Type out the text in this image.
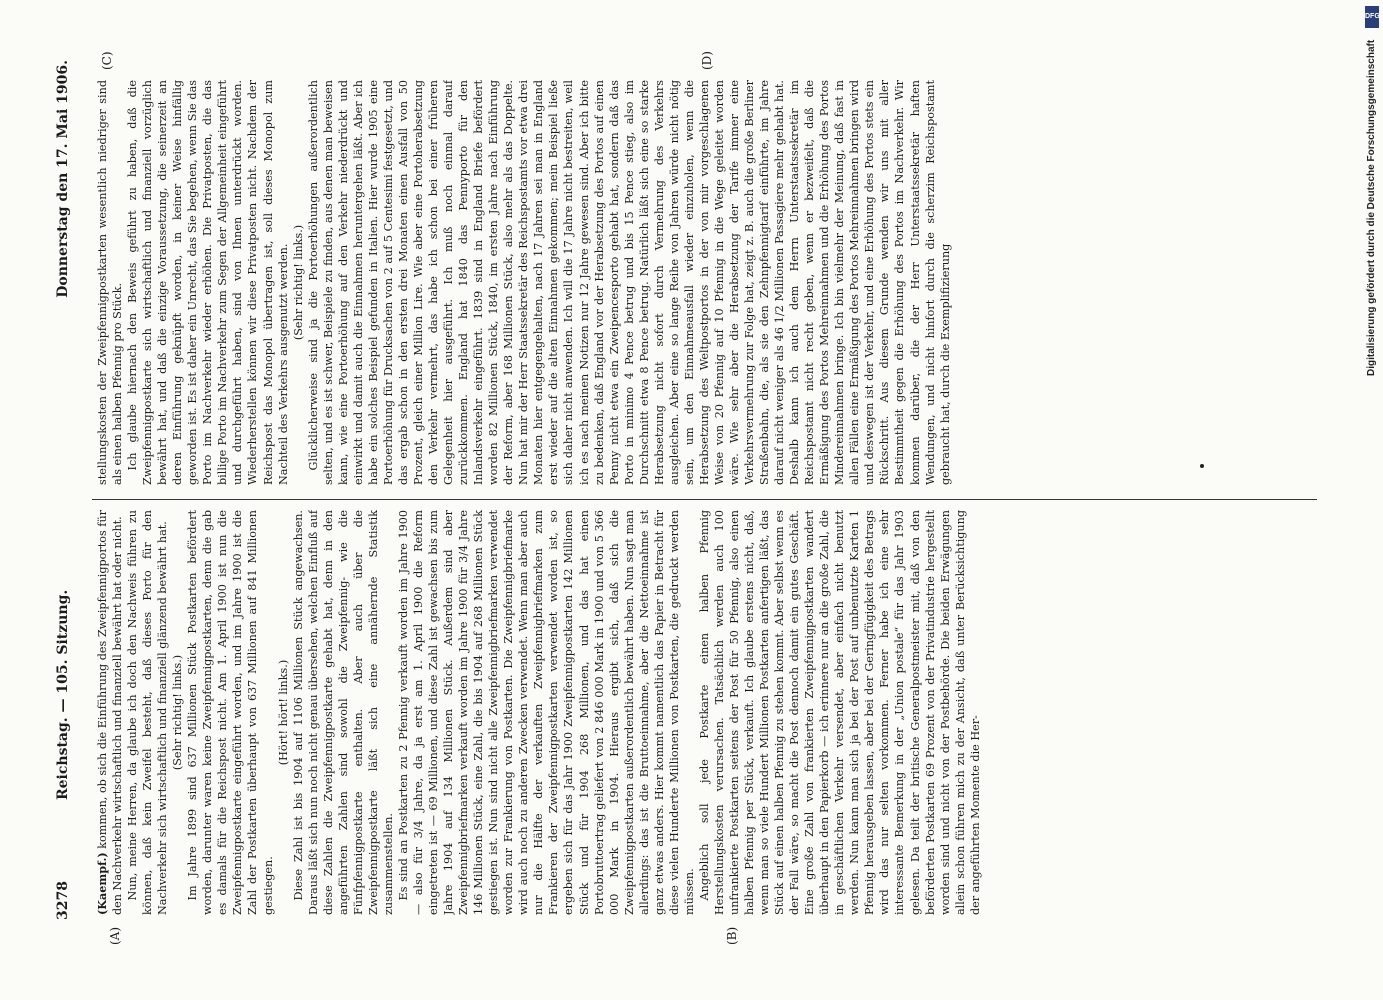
3278
Reichstag. — 105. Sitzung.
Donnerstag den 17. Mai 1906.
(A)	(B)
(C)	(D)

(Kaempf.) kommen, ob sich die Einführung des Zweipfennigportos für den Nachverkehr wirtschaftlich und finanziell bewährt hat oder nicht. Nun, meine Herren, da glaube ich doch den Nachweis führen zu können, daß kein Zweifel besteht, daß dieses Porto für den Nachverkehr sich wirtschaftlich und finanziell glänzend bewährt hat. (Sehr richtig! links.) Im Jahre 1899 sind 637 Millionen Stück Postkarten befördert worden, darunter waren keine Zweipfennigpostkarten, denn die gab es damals für die Reichspost nicht. Am 1. April 1900 ist nun die Zweipfennigpostkarte eingeführt worden, und im Jahre 1900 ist die Zahl der Postkarten überhaupt von 637 Millionen auf 841 Millionen gestiegen.

(Hört! hört! links.) Diese Zahl ist bis 1904 auf 1106 Millionen Stück angewachsen. Daraus läßt sich nun noch nicht genau übersehen, welchen Einfluß auf diese Zahlen die Zweipfennigpostkarte gehabt hat, denn in den angeführten Zahlen sind sowohl die Zweipfennig- wie die Fünfpfennigpostkarte enthalten. Aber auch über die Zweipfennigpostkarte läßt sich eine annähernde Statistik zusammenstellen. Es sind an Postkarten zu 2 Pfennig verkauft worden im Jahre 1900 — also für 3/4 Jahre, da ja erst am 1. April 1900 die Reform eingetreten ist — 69 Millionen, und diese Zahl ist gewachsen bis zum Jahre 1904 auf 134 Millionen Stück. Außerdem sind aber Zweipfennigbriefmarken verkauft worden im Jahre 1900 für 3/4 Jahre 146 Millionen Stück, eine Zahl, die bis 1904 auf 268 Millionen Stück gestiegen ist. Nun sind nicht alle Zweipfennigbriefmarken verwendet worden zur Frankierung von Postkarten. Die Zweipfennigbriefmarke wird auch noch zu anderen Zwecken verwendet. Wenn man aber auch nur die Hälfte der verkauften Zweipfennigbriefmarken zum Frankieren der Zweipfennigpostkarten verwendet worden ist, so ergeben sich für das Jahr 1900 Zweipfennigpostkarten 142 Millionen Stück und für 1904 268 Millionen, und das hat einen Portobruttoertrag geliefert von 2 846 000 Mark in 1900 und von 5 366 000 Mark in 1904. Hieraus ergibt sich, daß sich die Zweipfennigpostkarten außerordentlich bewährt haben. Nun sagt man allerdings: das ist die Bruttoeinnahme, aber die Nettoeinnahme ist ganz etwas anders. Hier kommt namentlich das Papier in Betracht für diese vielen Hunderte Millionen von Postkarten, die gedruckt werden müssen. Angeblich soll jede Postkarte einen halben Pfennig Herstellungskosten verursachen. Tatsächlich werden auch 100 unfrankierte Postkarten seitens der Post für 50 Pfennig, also einen halben Pfennig per Stück, verkauft. Ich glaube erstens nicht, daß, wenn man so viele Hundert Millionen Postkarten anfertigen läßt, das Stück auf einen halben Pfennig zu stehen kommt. Aber selbst wenn es der Fall wäre, so macht die Post dennoch damit ein gutes Geschäft. Eine große Zahl von frankierten Zweipfennigpostkarten wandert überhaupt in den Papierkorb — ich erinnere nur an die große Zahl, die in geschäftlichen Verkehr versendet, aber einfach nicht benutzt werden. Nun kann man sich ja bei der Post auf unbenutzte Karten 1 Pfennig herausgeben lassen, aber bei der Geringfügigkeit des Betrags wird das nur selten vorkommen. Ferner habe ich eine sehr interessante Bemerkung in der „Union postale“ für das Jahr 1903 gelesen. Da teilt der britische Generalpostmeister mit, daß von den beförderten Postkarten 69 Prozent von der Privatindustrie hergestellt worden sind und nicht von der Postbehörde. Die beiden Erwägungen allein schon führen mich zu der Ansicht, daß unter Berücksichtigung der angeführten Momente die Her-

stellungskosten der Zweipfennigpostkarten wesentlich niedriger sind als einen halben Pfennig pro Stück. Ich glaube hiernach den Beweis geführt zu haben, daß die Zweipfennigpostkarte sich wirtschaftlich und finanziell vorzüglich bewährt hat, und daß die einzige Voraussetzung, die seinerzeit an deren Einführung geknüpft worden, in keiner Weise hinfällig geworden ist. Es ist daher ein Unrecht, das Sie begehen, wenn Sie das Porto im Nachverkehr wieder erhöhen. Die Privatposten, die das billige Porto im Nachverkehr zum Segen der Allgemeinheit eingeführt und durchgeführt haben, sind von Ihnen unterdrückt worden. Wiederherstellen können wir diese Privatposten nicht. Nachdem der Reichspost das Monopol übertragen ist, soll dieses Monopol zum Nachteil des Verkehrs ausgenutzt werden. (Sehr richtig! links.) Glücklicherweise sind ja die Portoerhöhungen außerordentlich selten, und es ist schwer, Beispiele zu finden, aus denen man beweisen kann, wie eine Portoerhöhung auf den Verkehr niederdrückt und einwirkt und damit auch die Einnahmen heruntergehen läßt. Aber ich habe ein solches Beispiel gefunden in Italien. Hier wurde 1905 eine Portoerhöhung für Drucksachen von 2 auf 5 Centesimi festgesetzt, und das ergab schon in den ersten drei Monaten einen Ausfall von 50 Prozent, gleich einer Million Lire. Wie aber eine Portoherabsetzung den Verkehr vermehrt, das habe ich schon bei einer früheren Gelegenheit hier ausgeführt. Ich muß noch einmal darauf zurückkommen. England hat 1840 das Pennyporto für den Inlandsverkehr eingeführt. 1839 sind in England Briefe befördert worden 82 Millionen Stück, 1840, im ersten Jahre nach Einführung der Reform, aber 168 Millionen Stück, also mehr als das Doppelte. Nun hat mir der Herr Staatssekretär des Reichspostamts vor etwa drei Monaten hier entgegengehalten, nach 17 Jahren sei man in England erst wieder auf die alten Einnahmen gekommen; mein Beispiel ließe sich daher nicht anwenden. Ich will die 17 Jahre nicht bestreiten, weil ich es nach meinen Notizen nur 12 Jahre gewesen sind. Aber ich bitte zu bedenken, daß England vor der Herabsetzung des Portos auf einen Penny nicht etwa ein Zweipencesporto gehabt hat, sondern daß das Porto in minimo 4 Pence betrug und bis 15 Pence stieg, also im Durchschnitt etwa 8 Pence betrug. Natürlich läßt sich eine so starke Herabsetzung nicht sofort durch Vermehrung des Verkehrs ausgleichen. Aber eine so lange Reihe von Jahren würde nicht nötig sein, um den Einnahmeausfall wieder einzuholen, wenn die Herabsetzung des Weltpostportos in der von mir vorgeschlagenen Weise von 20 Pfennig auf 10 Pfennig in die Wege geleitet worden wäre. Wie sehr aber die Herabsetzung der Tarife immer eine Verkehrsvermehrung zur Folge hat, zeigt z. B. auch die große Berliner Straßenbahn, die, als sie den Zehnpfennigtarif einführte, im Jahre darauf nicht weniger als 46 1/2 Millionen Passagiere mehr gehabt hat. Deshalb kann ich auch dem Herrn Unterstaatssekretär im Reichspostamt nicht recht geben, wenn er bezweifelt, daß die Ermäßigung des Portos Mehreinnahmen und die Erhöhung des Portos Mindereinnahmen bringe. Ich bin vielmehr der Meinung, daß fast in allen Fällen eine Ermäßigung des Portos Mehreinnahmen bringen wird und deswegen ist der Verkehr, und eine Erhöhung des Portos stets ein Rückschritt. Aus diesem Grunde wenden wir uns mit aller Bestimmtheit gegen die Erhöhung des Portos im Nachverkehr. Wir kommen darüber, die der Herr Unterstaatssekretär haften Wendungen, und nicht hinfort durch die scherzim Reichspostamt gebraucht hat, durch die Exemplifizierung

DFG
Digitalisierung gefördert durch die Deutsche Forschungsgemeinschaft
